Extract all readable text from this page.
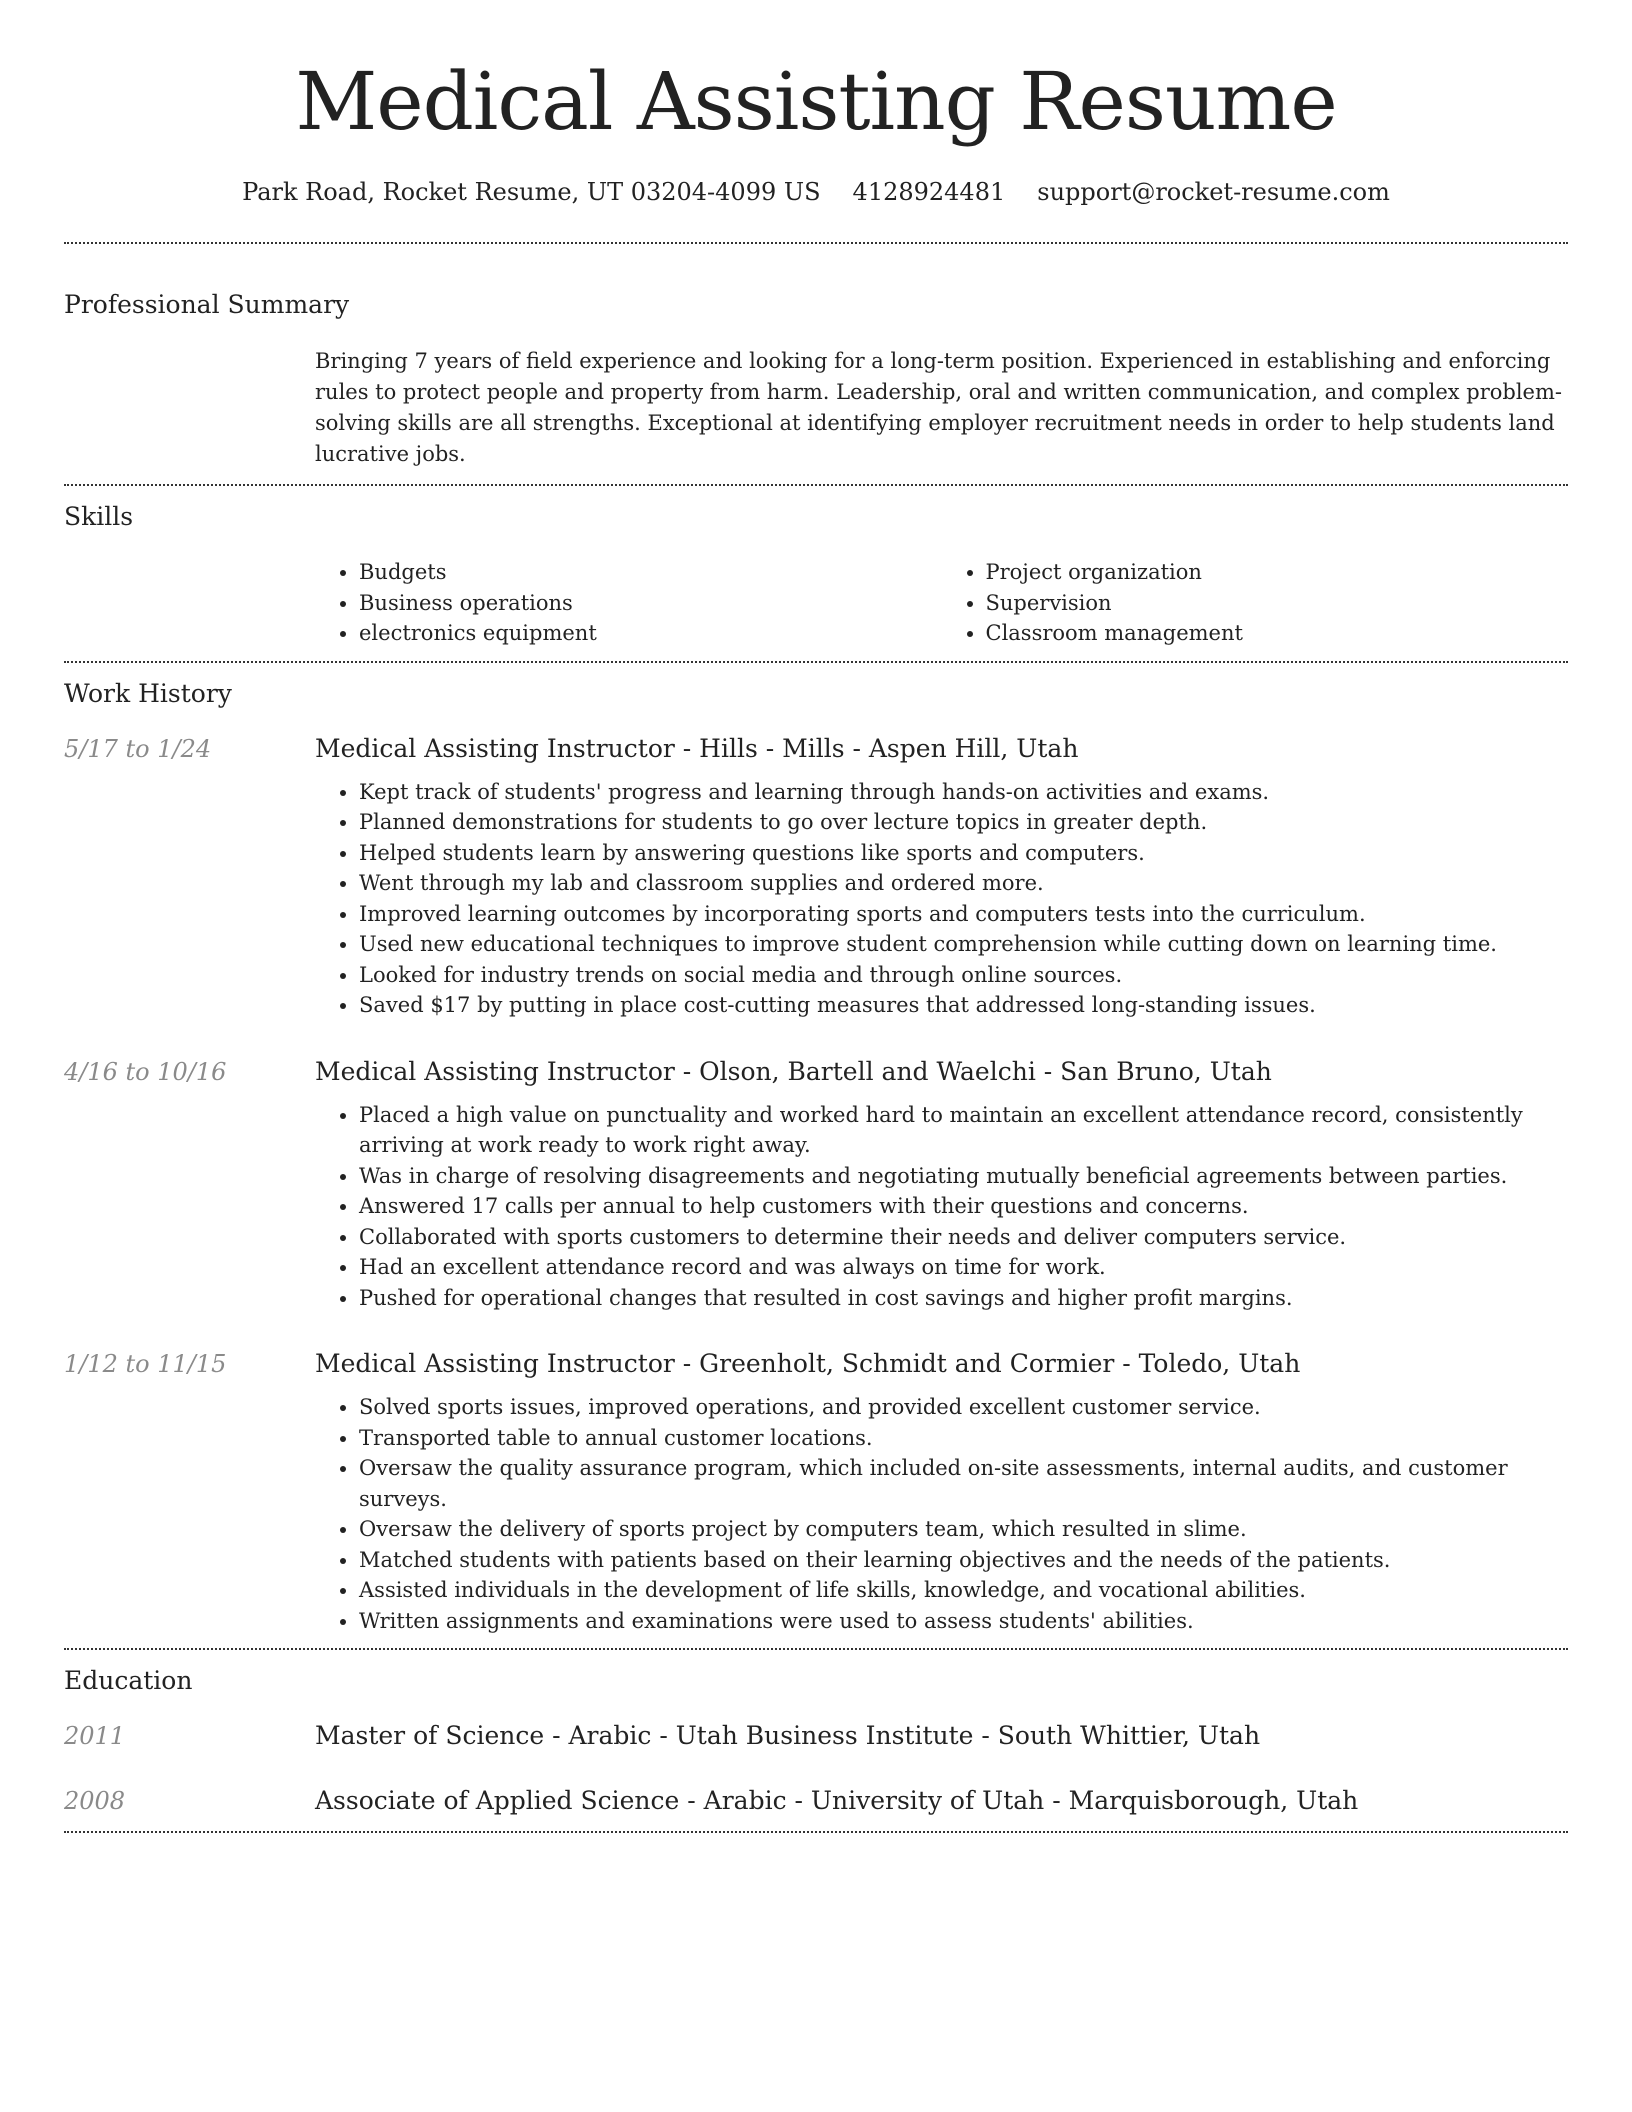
Medical Assisting Resume
Park Road, Rocket Resume, UT 03204-4099 US 4128924481 support@rocket-resume.com
Professional Summary
Bringing 7 years of field experience and looking for a long-term position. Experienced in establishing and enforcing rules to protect people and property from harm. Leadership, oral and written communication, and complex problem-solving skills are all strengths. Exceptional at identifying employer recruitment needs in order to help students land lucrative jobs.
Skills
• Budgets
• Business operations
• electronics equipment
• Project organization
• Supervision
• Classroom management
Work History
5/17 to 1/24	Medical Assisting Instructor - Hills - Mills - Aspen Hill, Utah
• Kept track of students' progress and learning through hands-on activities and exams.
• Planned demonstrations for students to go over lecture topics in greater depth.
• Helped students learn by answering questions like sports and computers.
• Went through my lab and classroom supplies and ordered more.
• Improved learning outcomes by incorporating sports and computers tests into the curriculum.
• Used new educational techniques to improve student comprehension while cutting down on learning time.
• Looked for industry trends on social media and through online sources.
• Saved $17 by putting in place cost-cutting measures that addressed long-standing issues.
4/16 to 10/16	Medical Assisting Instructor - Olson, Bartell and Waelchi - San Bruno, Utah
• Placed a high value on punctuality and worked hard to maintain an excellent attendance record, consistently arriving at work ready to work right away.
• Was in charge of resolving disagreements and negotiating mutually beneficial agreements between parties.
• Answered 17 calls per annual to help customers with their questions and concerns.
• Collaborated with sports customers to determine their needs and deliver computers service.
• Had an excellent attendance record and was always on time for work.
• Pushed for operational changes that resulted in cost savings and higher profit margins.
1/12 to 11/15	Medical Assisting Instructor - Greenholt, Schmidt and Cormier - Toledo, Utah
• Solved sports issues, improved operations, and provided excellent customer service.
• Transported table to annual customer locations.
• Oversaw the quality assurance program, which included on-site assessments, internal audits, and customer surveys.
• Oversaw the delivery of sports project by computers team, which resulted in slime.
• Matched students with patients based on their learning objectives and the needs of the patients.
• Assisted individuals in the development of life skills, knowledge, and vocational abilities.
• Written assignments and examinations were used to assess students' abilities.
Education
2011	Master of Science - Arabic - Utah Business Institute - South Whittier, Utah
2008	Associate of Applied Science - Arabic - University of Utah - Marquisborough, Utah
